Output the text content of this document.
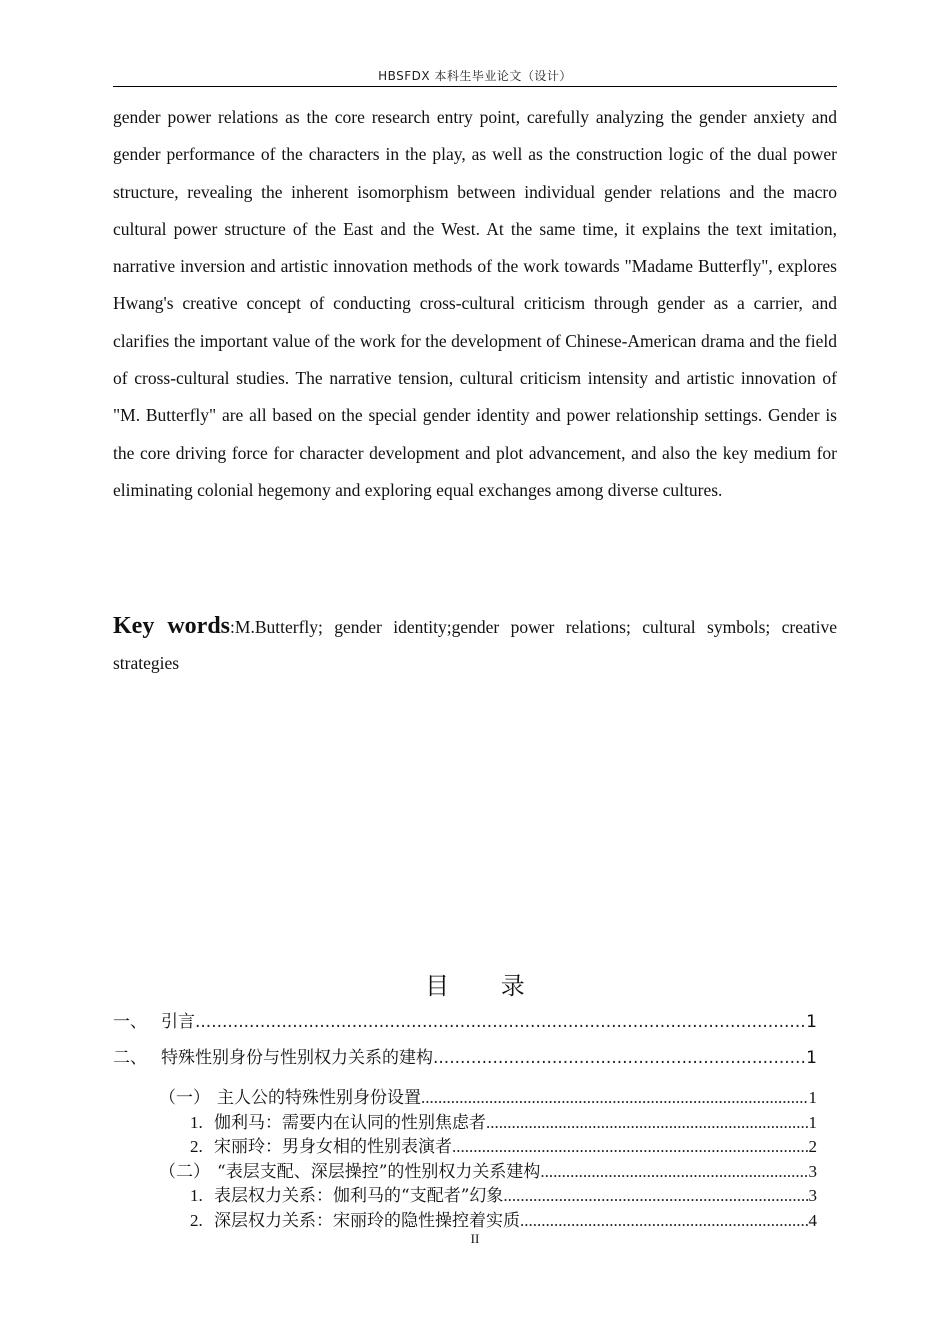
HBSFDX 本科生毕业论文（设计）

gender power relations as the core research entry point, carefully analyzing the gender anxiety and gender performance of the characters in the play, as well as the construction logic of the dual power structure, revealing the inherent isomorphism between individual gender relations and the macro cultural power structure of the East and the West. At the same time, it explains the text imitation, narrative inversion and artistic innovation methods of the work towards "Madame Butterfly", explores Hwang's creative concept of conducting cross-cultural criticism through gender as a carrier, and clarifies the important value of the work for the development of Chinese-American drama and the field of cross-cultural studies. The narrative tension, cultural criticism intensity and artistic innovation of "M. Butterfly" are all based on the special gender identity and power relationship settings. Gender is the core driving force for character development and plot advancement, and also the key medium for eliminating colonial hegemony and exploring equal exchanges among diverse cultures.

Key words:M.Butterfly; gender identity;gender power relations; cultural symbols; creative strategies

目 录
一、 引言 .....	1
二、 特殊性别身份与性别权力关系的建构 .....	1
（一） 主人公的特殊性别身份设置 .....	1
1. 伽利马：需要内在认同的性别焦虑者 .....	1
2. 宋丽玲：男身女相的性别表演者 .....	2
（二） “表层支配、深层操控”的性别权力关系建构 .....	3
1. 表层权力关系：伽利马的“支配者”幻象 .....	3
2. 深层权力关系：宋丽玲的隐性操控着实质 .....	4
II
